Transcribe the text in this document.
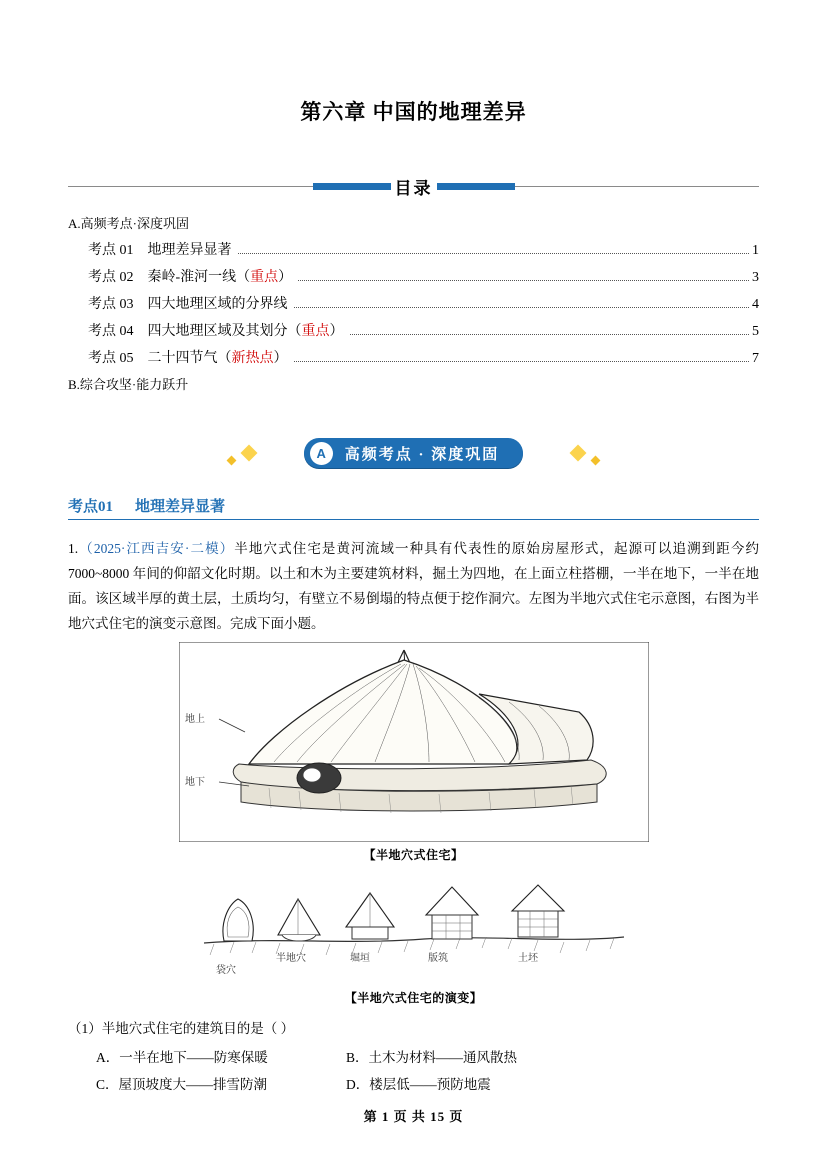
第六章 中国的地理差异
目录
A.高频考点·深度巩固
考点 01	地理差异显著	1
考点 02	秦岭-淮河一线（ 重点 ）	3
考点 03	四大地理区域的分界线	4
考点 04	四大地理区域及其划分（ 重点 ）	5
考点 05	二十四节气（ 新热点 ）	7
B.综合攻坚·能力跃升
A	高频考点 · 深度巩固
考点01 地理差异显著
1.（2025·江西吉安·二模）半地穴式住宅是黄河流域一种具有代表性的原始房屋形式，起源可以追溯到距今约 7000~8000 年间的仰韶文化时期。以土和木为主要建筑材料，掘土为四地，在上面立柱搭棚，一半在地下，一半在地面。该区域半厚的黄土层，土质均匀，有壁立不易倒塌的特点便于挖作洞穴。左图为半地穴式住宅示意图，右图为半地穴式住宅的演变示意图。完成下面小题。
地上
地下
【半地穴式住宅】
袋穴
半地穴	堀垣	版筑	土坯
【半地穴式住宅的演变】
（1）半地穴式住宅的建筑目的是（ ）
A．一半在地下——防寒保暖	B．土木为材料——通风散热
C．屋顶坡度大——排雪防潮	D．楼层低——预防地震
第 1 页 共 15 页
